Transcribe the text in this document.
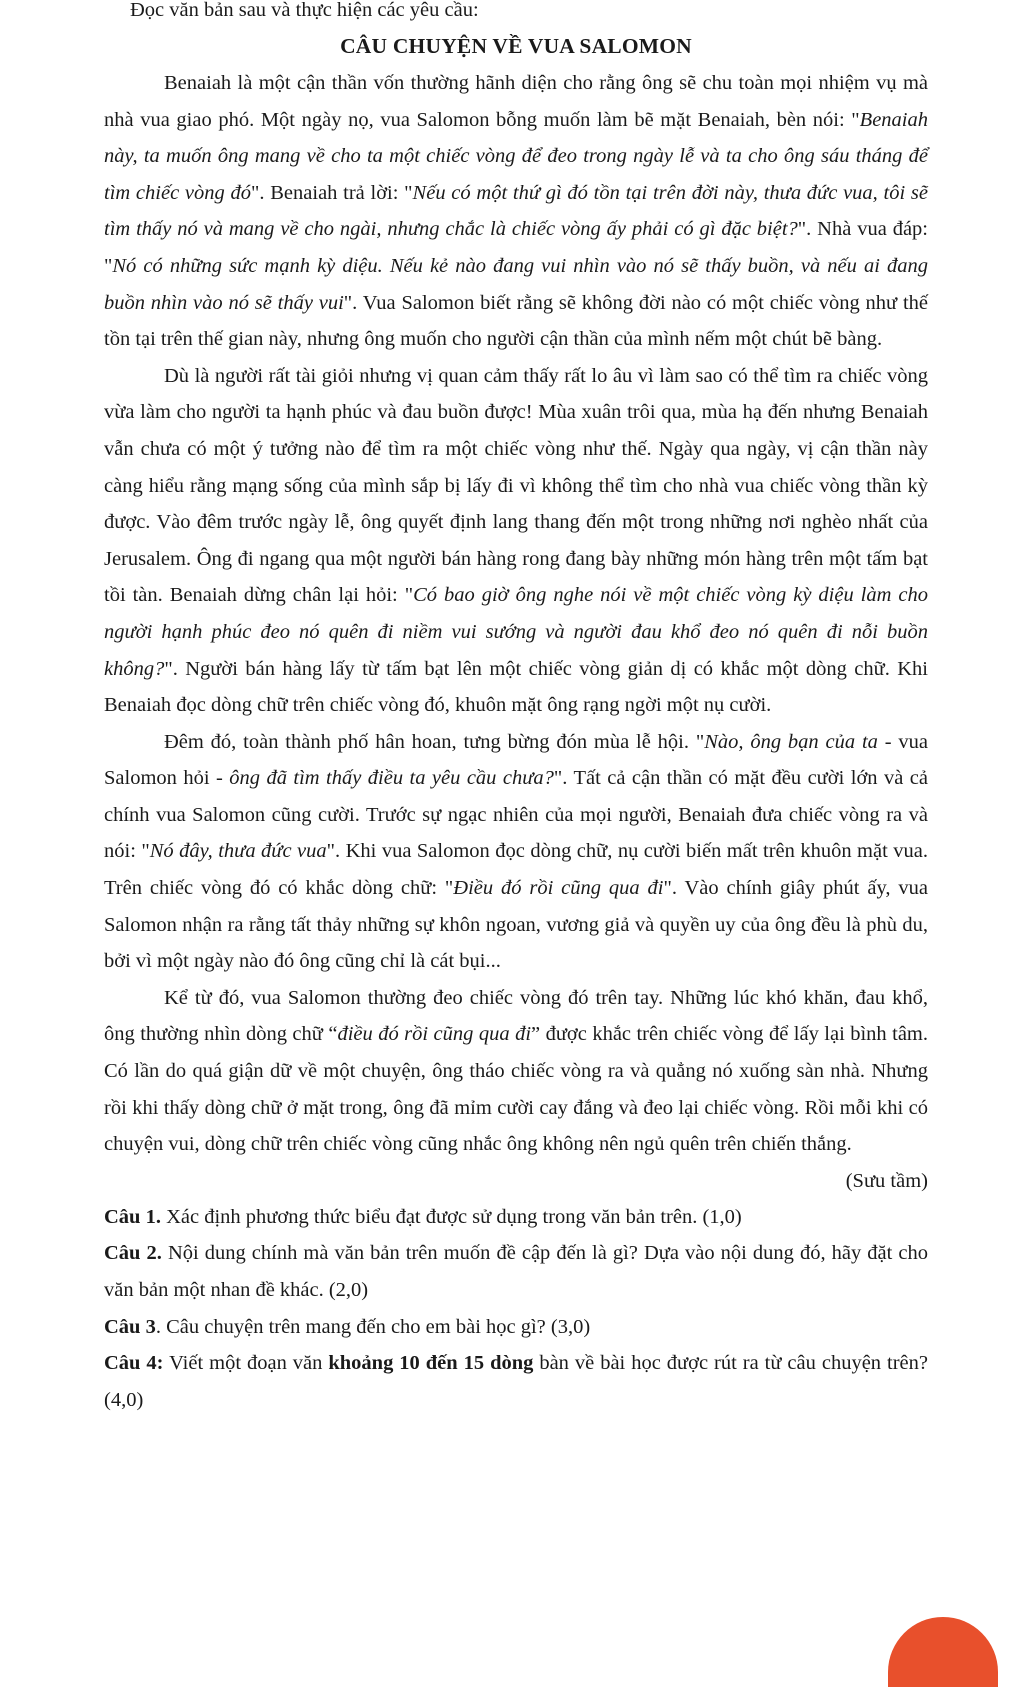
Đọc văn bản sau và thực hiện các yêu cầu:

CÂU CHUYỆN VỀ VUA SALOMON

Benaiah là một cận thần vốn thường hãnh diện cho rằng ông sẽ chu toàn mọi nhiệm vụ mà nhà vua giao phó. Một ngày nọ, vua Salomon bỗng muốn làm bẽ mặt Benaiah, bèn nói: "Benaiah này, ta muốn ông mang về cho ta một chiếc vòng để đeo trong ngày lễ và ta cho ông sáu tháng để tìm chiếc vòng đó". Benaiah trả lời: "Nếu có một thứ gì đó tồn tại trên đời này, thưa đức vua, tôi sẽ tìm thấy nó và mang về cho ngài, nhưng chắc là chiếc vòng ấy phải có gì đặc biệt?". Nhà vua đáp: "Nó có những sức mạnh kỳ diệu. Nếu kẻ nào đang vui nhìn vào nó sẽ thấy buồn, và nếu ai đang buồn nhìn vào nó sẽ thấy vui". Vua Salomon biết rằng sẽ không đời nào có một chiếc vòng như thế tồn tại trên thế gian này, nhưng ông muốn cho người cận thần của mình nếm một chút bẽ bàng.

Dù là người rất tài giỏi nhưng vị quan cảm thấy rất lo âu vì làm sao có thể tìm ra chiếc vòng vừa làm cho người ta hạnh phúc và đau buồn được! Mùa xuân trôi qua, mùa hạ đến nhưng Benaiah vẫn chưa có một ý tưởng nào để tìm ra một chiếc vòng như thế. Ngày qua ngày, vị cận thần này càng hiểu rằng mạng sống của mình sắp bị lấy đi vì không thể tìm cho nhà vua chiếc vòng thần kỳ được. Vào đêm trước ngày lễ, ông quyết định lang thang đến một trong những nơi nghèo nhất của Jerusalem. Ông đi ngang qua một người bán hàng rong đang bày những món hàng trên một tấm bạt tồi tàn. Benaiah dừng chân lại hỏi: "Có bao giờ ông nghe nói về một chiếc vòng kỳ diệu làm cho người hạnh phúc đeo nó quên đi niềm vui sướng và người đau khổ đeo nó quên đi nỗi buồn không?". Người bán hàng lấy từ tấm bạt lên một chiếc vòng giản dị có khắc một dòng chữ. Khi Benaiah đọc dòng chữ trên chiếc vòng đó, khuôn mặt ông rạng ngời một nụ cười.

Đêm đó, toàn thành phố hân hoan, tưng bừng đón mùa lễ hội. "Nào, ông bạn của ta - vua Salomon hỏi - ông đã tìm thấy điều ta yêu cầu chưa?". Tất cả cận thần có mặt đều cười lớn và cả chính vua Salomon cũng cười. Trước sự ngạc nhiên của mọi người, Benaiah đưa chiếc vòng ra và nói: "Nó đây, thưa đức vua". Khi vua Salomon đọc dòng chữ, nụ cười biến mất trên khuôn mặt vua. Trên chiếc vòng đó có khắc dòng chữ: "Điều đó rồi cũng qua đi". Vào chính giây phút ấy, vua Salomon nhận ra rằng tất thảy những sự khôn ngoan, vương giả và quyền uy của ông đều là phù du, bởi vì một ngày nào đó ông cũng chỉ là cát bụi...

Kể từ đó, vua Salomon thường đeo chiếc vòng đó trên tay. Những lúc khó khăn, đau khổ, ông thường nhìn dòng chữ “điều đó rồi cũng qua đi” được khắc trên chiếc vòng để lấy lại bình tâm. Có lần do quá giận dữ về một chuyện, ông tháo chiếc vòng ra và quẳng nó xuống sàn nhà. Nhưng rồi khi thấy dòng chữ ở mặt trong, ông đã mỉm cười cay đắng và đeo lại chiếc vòng. Rồi mỗi khi có chuyện vui, dòng chữ trên chiếc vòng cũng nhắc ông không nên ngủ quên trên chiến thắng.

(Sưu tầm)

Câu 1. Xác định phương thức biểu đạt được sử dụng trong văn bản trên. (1,0)

Câu 2. Nội dung chính mà văn bản trên muốn đề cập đến là gì? Dựa vào nội dung đó, hãy đặt cho văn bản một nhan đề khác. (2,0)

Câu 3. Câu chuyện trên mang đến cho em bài học gì? (3,0)

Câu 4: Viết một đoạn văn khoảng 10 đến 15 dòng bàn về bài học được rút ra từ câu chuyện trên? (4,0)
